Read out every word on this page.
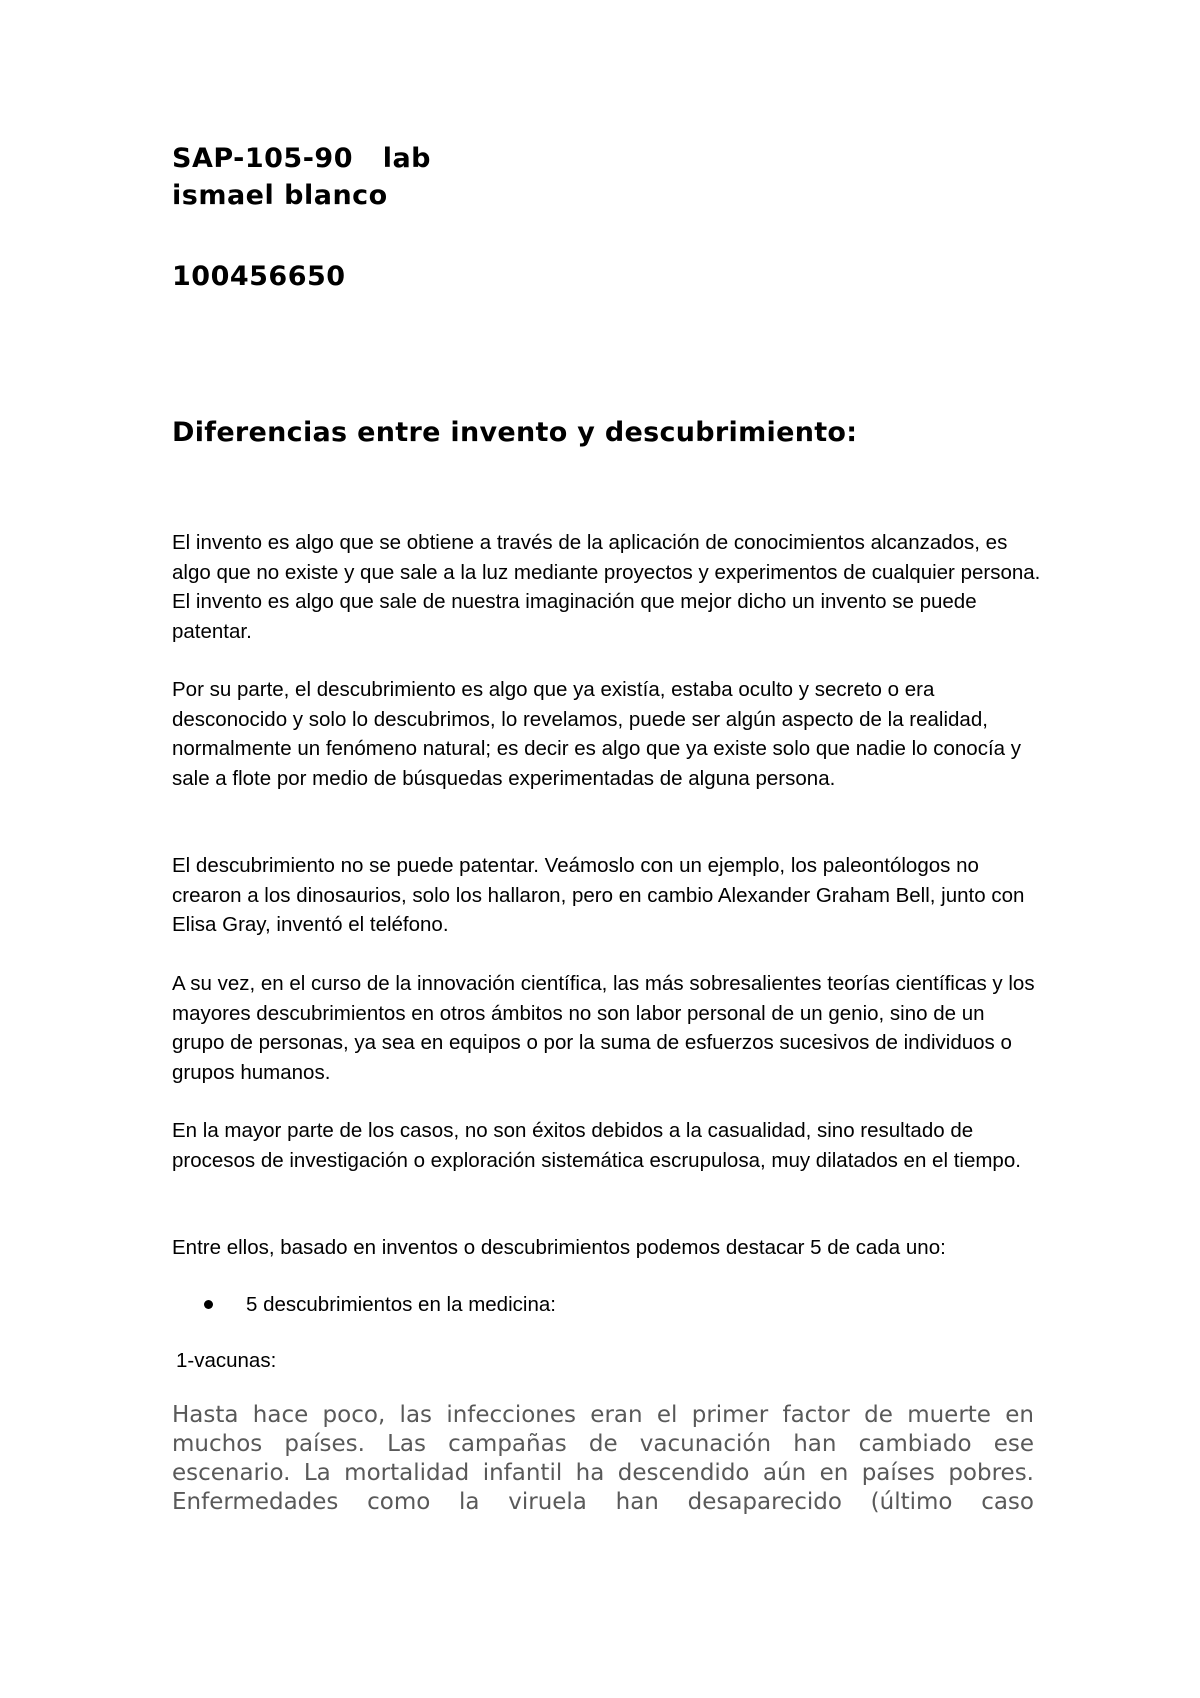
SAP-105-90   lab
ismael blanco
100456650
Diferencias entre invento y descubrimiento:

El invento es algo que se obtiene a través de la aplicación de conocimientos alcanzados, es algo que no existe y que sale a la luz mediante proyectos y experimentos de cualquier persona. El invento es algo que sale de nuestra imaginación que mejor dicho un invento se puede patentar.

Por su parte, el descubrimiento es algo que ya existía, estaba oculto y secreto o era desconocido y solo lo descubrimos, lo revelamos, puede ser algún aspecto de la realidad, normalmente un fenómeno natural; es decir es algo que ya existe solo que nadie lo conocía y sale a flote por medio de búsquedas experimentadas de alguna persona.

El descubrimiento no se puede patentar. Veámoslo con un ejemplo, los paleontólogos no crearon a los dinosaurios, solo los hallaron, pero en cambio Alexander Graham Bell, junto con Elisa Gray, inventó el teléfono.

A su vez, en el curso de la innovación científica, las más sobresalientes teorías científicas y los mayores descubrimientos en otros ámbitos no son labor personal de un genio, sino de un grupo de personas, ya sea en equipos o por la suma de esfuerzos sucesivos de individuos o grupos humanos.

En la mayor parte de los casos, no son éxitos debidos a la casualidad, sino resultado de procesos de investigación o exploración sistemática escrupulosa, muy dilatados en el tiempo.

Entre ellos, basado en inventos o descubrimientos podemos destacar 5 de cada uno:

5 descubrimientos en la medicina:
1-vacunas:

Hasta hace poco, las infecciones eran el primer factor de muerte en muchos países. Las campañas de vacunación han cambiado ese escenario. La mortalidad infantil ha descendido aún en países pobres. Enfermedades como la viruela han desaparecido (último caso
